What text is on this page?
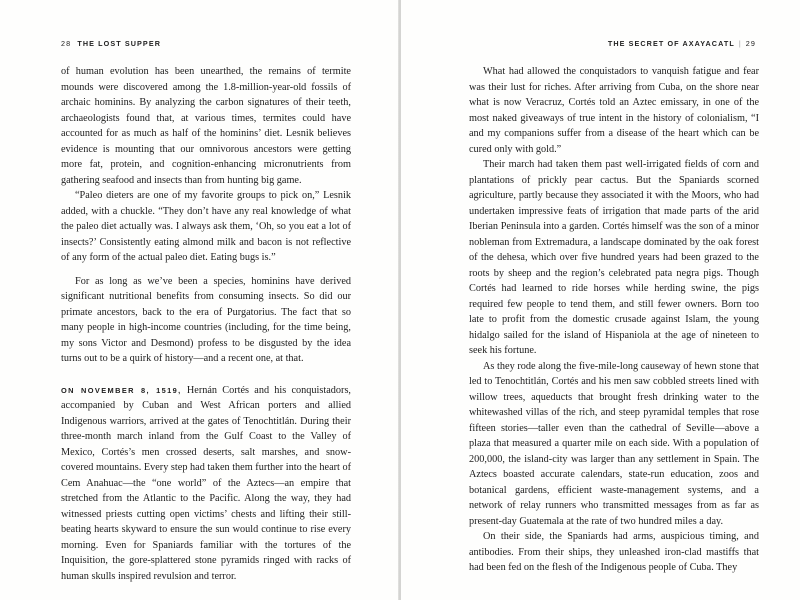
28 THE LOST SUPPER

of human evolution has been unearthed, the remains of termite mounds were discovered among the 1.8-million-year-old fossils of archaic hominins. By analyzing the carbon signatures of their teeth, archaeologists found that, at various times, termites could have accounted for as much as half of the hominins’ diet. Lesnik believes evidence is mounting that our omnivorous ancestors were getting more fat, protein, and cognition-enhancing micronutrients from gathering seafood and insects than from hunting big game.

“Paleo dieters are one of my favorite groups to pick on,” Lesnik added, with a chuckle. “They don’t have any real knowledge of what the paleo diet actually was. I always ask them, ‘Oh, so you eat a lot of insects?’ Consistently eating almond milk and bacon is not reflective of any form of the actual paleo diet. Eating bugs is.”

For as long as we’ve been a species, hominins have derived significant nutritional benefits from consuming insects. So did our primate ancestors, back to the era of Purgatorius. The fact that so many people in high-income countries (including, for the time being, my sons Victor and Desmond) profess to be disgusted by the idea turns out to be a quirk of history—and a recent one, at that.

ON NOVEMBER 8, 1519, Hernán Cortés and his conquistadors, accompanied by Cuban and West African porters and allied Indigenous warriors, arrived at the gates of Tenochtitlán. During their three-month march inland from the Gulf Coast to the Valley of Mexico, Cortés’s men crossed deserts, salt marshes, and snow-covered mountains. Every step had taken them further into the heart of Cem Anahuac—the “one world” of the Aztecs—an empire that stretched from the Atlantic to the Pacific. Along the way, they had witnessed priests cutting open victims’ chests and lifting their still-beating hearts skyward to ensure the sun would continue to rise every morning. Even for Spaniards familiar with the tortures of the Inquisition, the gore-splattered stone pyramids ringed with racks of human skulls inspired revulsion and terror.

THE SECRET OF AXAYACATL | 29

What had allowed the conquistadors to vanquish fatigue and fear was their lust for riches. After arriving from Cuba, on the shore near what is now Veracruz, Cortés told an Aztec emissary, in one of the most naked giveaways of true intent in the history of colonialism, “I and my companions suffer from a disease of the heart which can be cured only with gold.”

Their march had taken them past well-irrigated fields of corn and plantations of prickly pear cactus. But the Spaniards scorned agriculture, partly because they associated it with the Moors, who had undertaken impressive feats of irrigation that made parts of the arid Iberian Peninsula into a garden. Cortés himself was the son of a minor nobleman from Extremadura, a landscape dominated by the oak forest of the dehesa, which over five hundred years had been grazed to the roots by sheep and the region’s celebrated pata negra pigs. Though Cortés had learned to ride horses while herding swine, the pigs required few people to tend them, and still fewer owners. Born too late to profit from the domestic crusade against Islam, the young hidalgo sailed for the island of Hispaniola at the age of nineteen to seek his fortune.

As they rode along the five-mile-long causeway of hewn stone that led to Tenochtitlán, Cortés and his men saw cobbled streets lined with willow trees, aqueducts that brought fresh drinking water to the whitewashed villas of the rich, and steep pyramidal temples that rose fifteen stories—taller even than the cathedral of Seville—above a plaza that measured a quarter mile on each side. With a population of 200,000, the island-city was larger than any settlement in Spain. The Aztecs boasted accurate calendars, state-run education, zoos and botanical gardens, efficient waste-management systems, and a network of relay runners who transmitted messages from as far as present-day Guatemala at the rate of two hundred miles a day.

On their side, the Spaniards had arms, auspicious timing, and antibodies. From their ships, they unleashed iron-clad mastiffs that had been fed on the flesh of the Indigenous people of Cuba. They
